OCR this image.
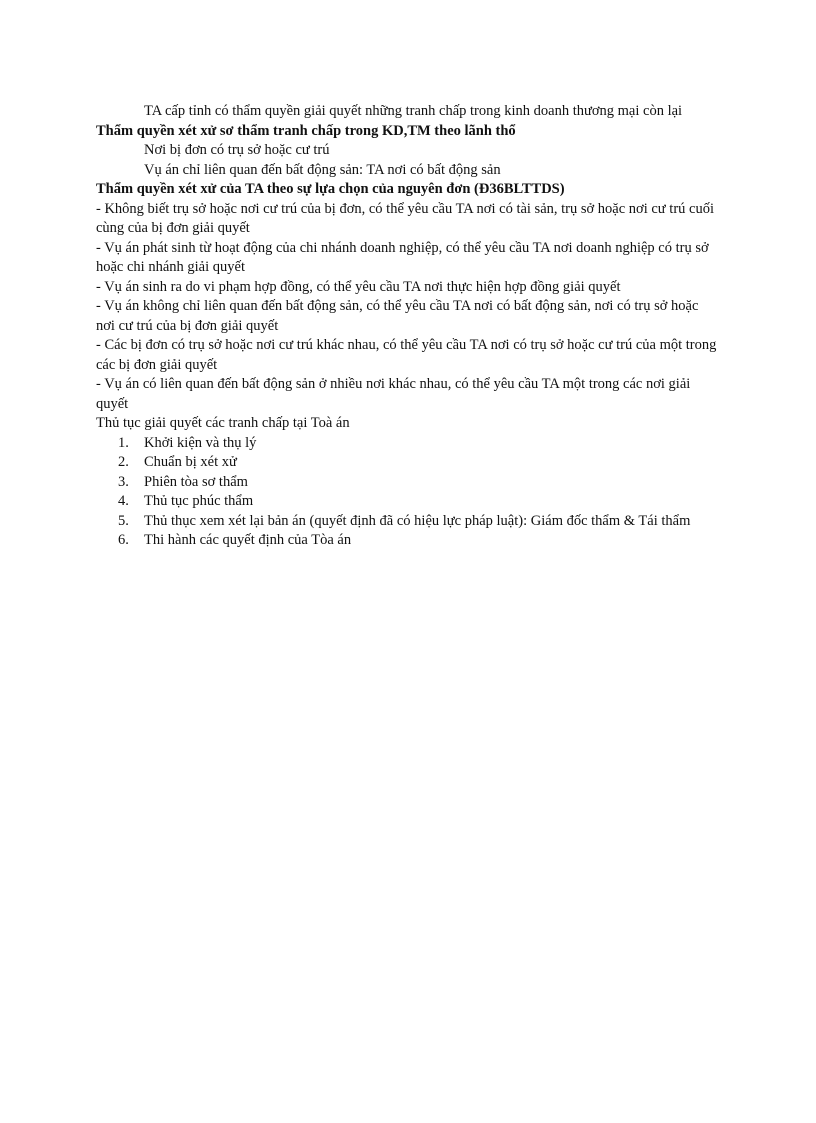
TA cấp tỉnh có thẩm quyền giải quyết những tranh chấp trong kinh doanh thương mại còn lại

Thẩm quyền xét xử sơ thẩm tranh chấp trong KD,TM theo lãnh thổ

Nơi bị đơn có trụ sở hoặc cư trú

Vụ án chỉ liên quan đến bất động sản: TA nơi có bất động sản

Thẩm quyền xét xử của TA theo sự lựa chọn của nguyên đơn (Đ36BLTTDS)

- Không biết trụ sở hoặc nơi cư trú của bị đơn, có thể yêu cầu TA nơi có tài sản, trụ sở hoặc nơi cư trú cuối cùng của bị đơn giải quyết

- Vụ án phát sinh từ hoạt động của chi nhánh doanh nghiệp, có thể yêu cầu TA nơi doanh nghiệp có trụ sở hoặc chi nhánh giải quyết

- Vụ án sinh ra do vi phạm hợp đồng, có thể yêu cầu TA nơi thực hiện hợp đồng giải quyết

- Vụ án không chỉ liên quan đến bất động sản, có thể yêu cầu TA nơi có bất động sản, nơi có trụ sở hoặc nơi cư trú của bị đơn giải quyết

- Các bị đơn có trụ sở hoặc nơi cư trú khác nhau, có thể yêu cầu TA nơi có trụ sở hoặc cư trú của một trong các bị đơn giải quyết

- Vụ án có liên quan đến bất động sản ở nhiều nơi khác nhau, có thể yêu cầu TA một trong các nơi giải quyết

Thủ tục giải quyết các tranh chấp tại Toà án

1. Khởi kiện và thụ lý
2. Chuẩn bị xét xử
3. Phiên tòa sơ thẩm
4. Thủ tục phúc thẩm
5. Thủ thục xem xét lại bản án (quyết định đã có hiệu lực pháp luật): Giám đốc thẩm & Tái thẩm
6. Thi hành các quyết định của Tòa án
